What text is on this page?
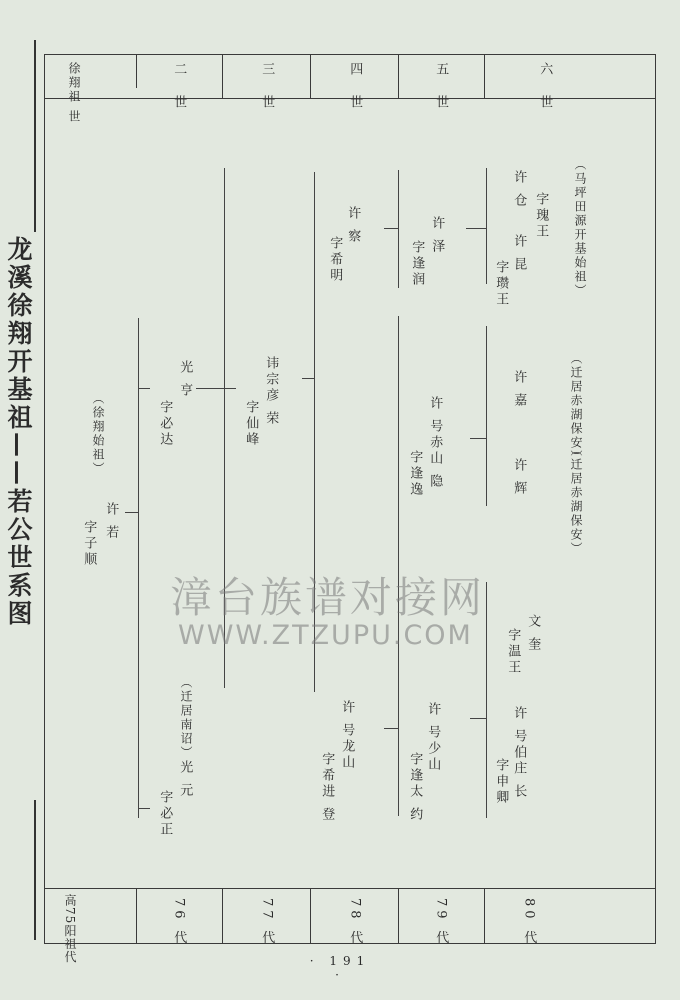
龙溪徐翔开基祖——若公世系图
徐翔祖 世	二 世	三 世	四 世	五 世	六 世
高75阳祖代	76 代	77 代	78 代	79 代	80 代
许 若
字子顺
（徐翔始祖）
光 亨
字必达
光 元
字必正
（迁居南诏）
讳宗彦 荣
字仙峰
许 察
字希明
许 号龙山
字希进 登
许 泽
字逢润
许 号赤山 隐
字逢逸
许 号少山
字逢太 约
许 仓
字瑰王
许 昆
字瓒王	（马坪田源开基始祖）
许 嘉	（迁居赤湖保安）
许 辉	（迁居赤湖保安）
文 奎
字温王
许 号伯庄 长
字申卿
漳台族谱对接网
WWW.ZTZUPU.COM
· 191 ·
